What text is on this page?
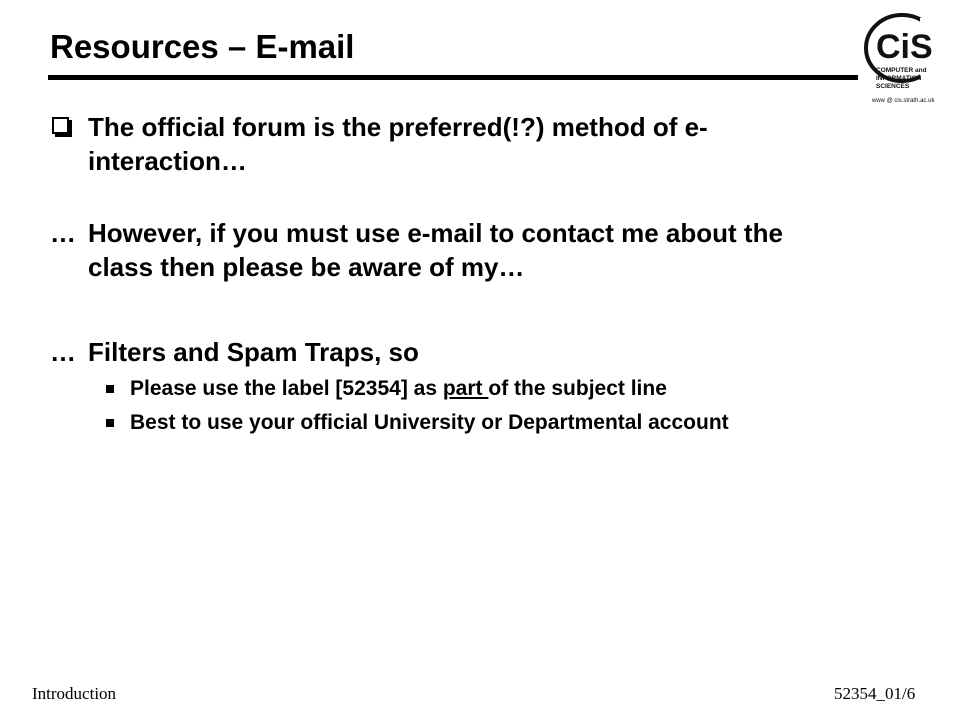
Resources – E-mail	CiS
COMPUTER and
INFORMATION
SCIENCES
www @ cis.strath.ac.uk
The official forum is the preferred(!?) method of e-interaction…
… However, if you must use e-mail to contact me about the class then please be aware of my…
… Filters and Spam Traps, so
Please use the label [52354] as part of the subject line
Best to use your official University or Departmental account
Introduction	52354_01/6
